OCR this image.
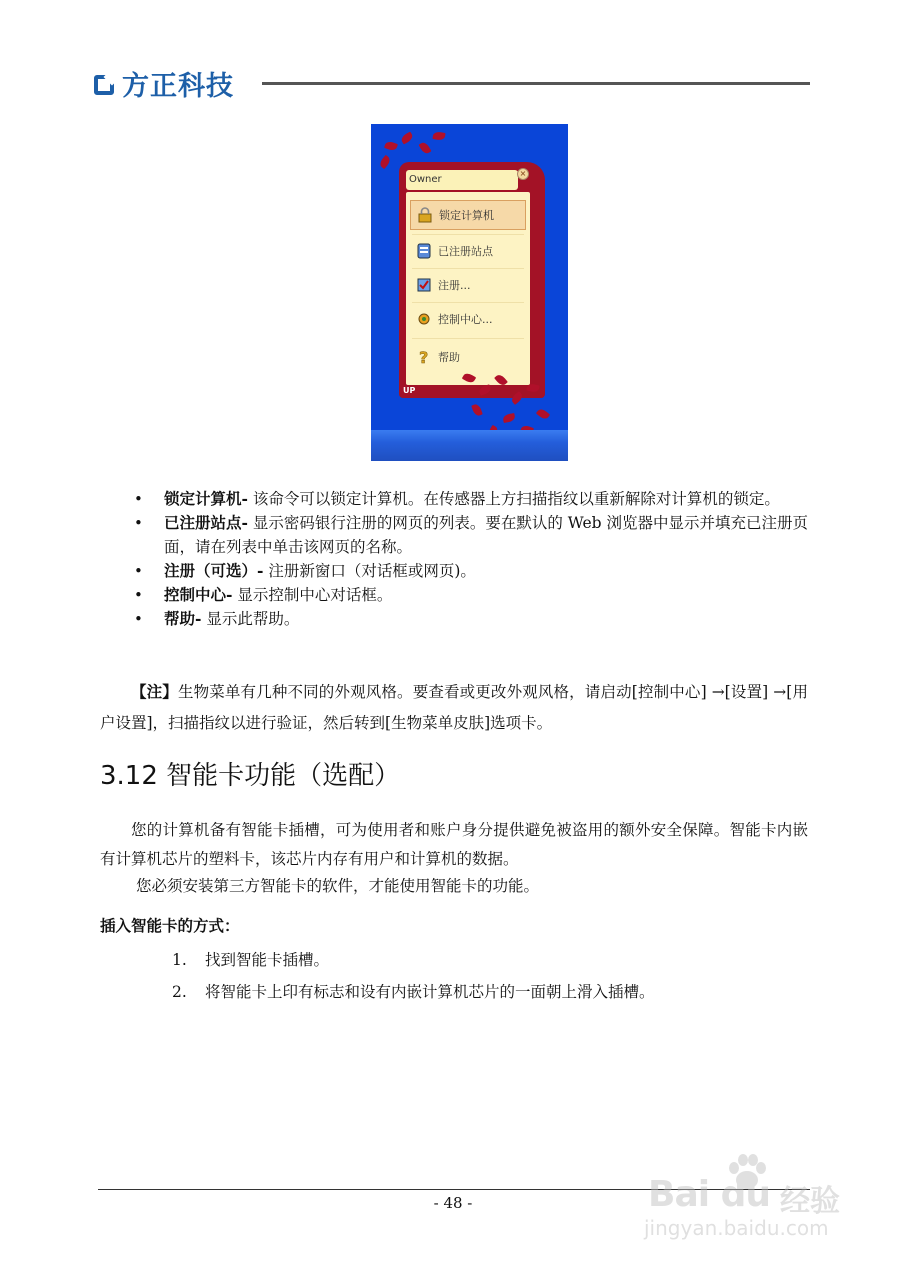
方正科技
Owner
×
锁定计算机
已注册站点
注册...
控制中心...
? 帮助
UP
• 锁定计算机- 该命令可以锁定计算机。在传感器上方扫描指纹以重新解除对计算机的锁定。
• 已注册站点- 显示密码银行注册的网页的列表。要在默认的 Web 浏览器中显示并填充已注册页面，请在列表中单击该网页的名称。
• 注册（可选）- 注册新窗口（对话框或网页)。
• 控制中心- 显示控制中心对话框。
• 帮助- 显示此帮助。
【注】生物菜单有几种不同的外观风格。要查看或更改外观风格，请启动[控制中心] →[设置] →[用户设置]，扫描指纹以进行验证，然后转到[生物菜单皮肤]选项卡。
3.12 智能卡功能（选配）
您的计算机备有智能卡插槽，可为使用者和账户身分提供避免被盗用的额外安全保障。智能卡内嵌有计算机芯片的塑料卡，该芯片内存有用户和计算机的数据。
您必须安装第三方智能卡的软件，才能使用智能卡的功能。
插入智能卡的方式：
1. 找到智能卡插槽。
2. 将智能卡上印有标志和设有内嵌计算机芯片的一面朝上滑入插槽。
- 48 -	Bai du 经验
jingyan.baidu.com
